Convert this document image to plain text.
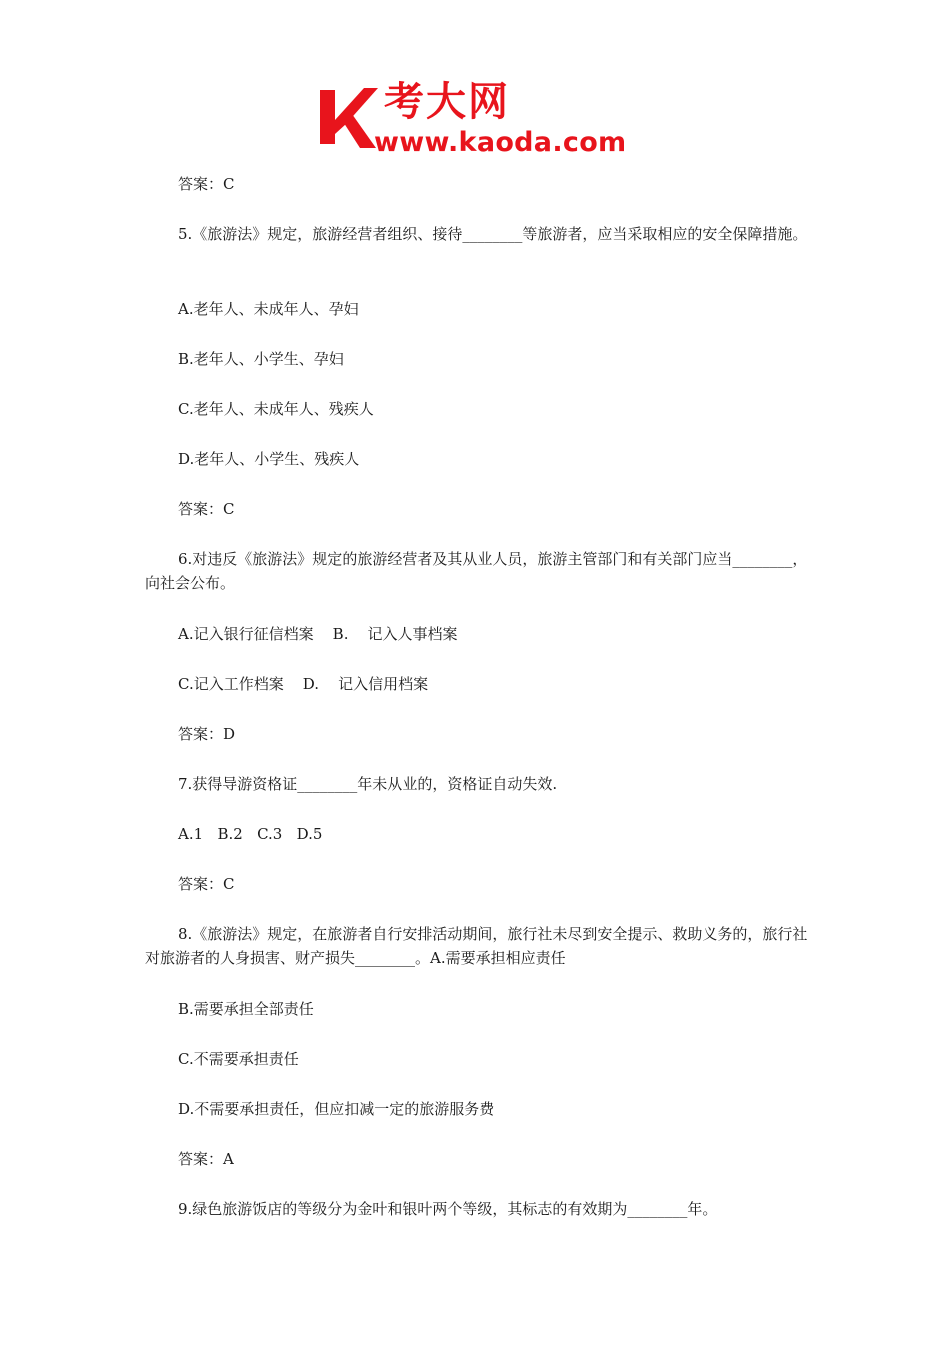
考大网
www.kaoda.com
答案：C
5.《旅游法》规定，旅游经营者组织、接待________等旅游者，应当采取相应的安全保障措施。
A.老年人、未成年人、孕妇
B.老年人、小学生、孕妇
C.老年人、未成年人、残疾人
D.老年人、小学生、残疾人
答案：C
6.对违反《旅游法》规定的旅游经营者及其从业人员，旅游主管部门和有关部门应当________，向社会公布。
A.记入银行征信档案    B.    记入人事档案
C.记入工作档案    D.    记入信用档案
答案：D
7.获得导游资格证________年未从业的，资格证自动失效.
A.1   B.2   C.3   D.5
答案：C
8.《旅游法》规定，在旅游者自行安排活动期间，旅行社未尽到安全提示、救助义务的，旅行社对旅游者的人身损害、财产损失________。A.需要承担相应责任
B.需要承担全部责任
C.不需要承担责任
D.不需要承担责任，但应扣减一定的旅游服务费
答案：A
9.绿色旅游饭店的等级分为金叶和银叶两个等级，其标志的有效期为________年。
